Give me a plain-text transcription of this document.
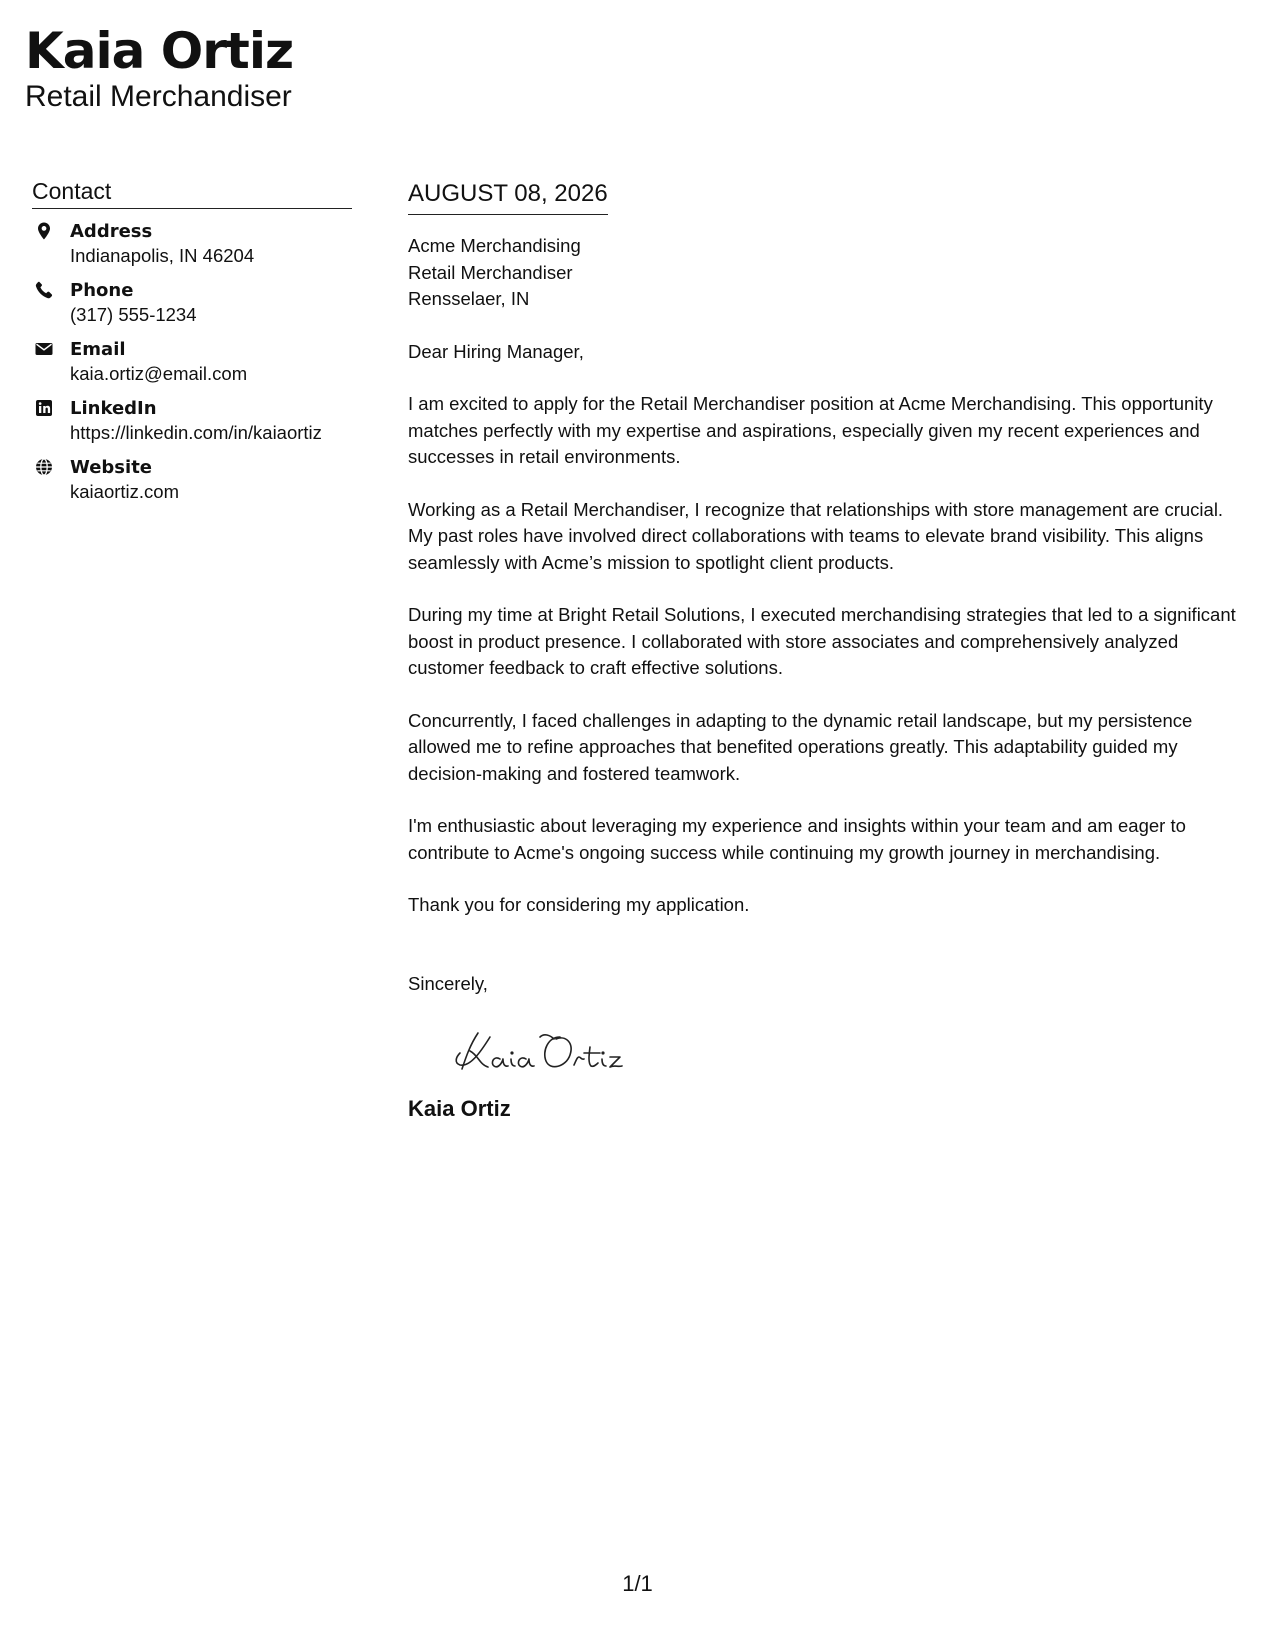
Kaia Ortiz
Retail Merchandiser
Contact
Address
Indianapolis, IN 46204
Phone
(317) 555-1234
Email
kaia.ortiz@email.com
LinkedIn
https://linkedin.com/in/kaiaortiz
Website
kaiaortiz.com
AUGUST 08, 2026
Acme Merchandising
Retail Merchandiser
Rensselaer, IN
Dear Hiring Manager,
I am excited to apply for the Retail Merchandiser position at Acme Merchandising. This opportunity matches perfectly with my expertise and aspirations, especially given my recent experiences and successes in retail environments.
Working as a Retail Merchandiser, I recognize that relationships with store management are crucial. My past roles have involved direct collaborations with teams to elevate brand visibility. This aligns seamlessly with Acme’s mission to spotlight client products.
During my time at Bright Retail Solutions, I executed merchandising strategies that led to a significant boost in product presence. I collaborated with store associates and comprehensively analyzed customer feedback to craft effective solutions.
Concurrently, I faced challenges in adapting to the dynamic retail landscape, but my persistence allowed me to refine approaches that benefited operations greatly. This adaptability guided my decision-making and fostered teamwork.
I'm enthusiastic about leveraging my experience and insights within your team and am eager to contribute to Acme's ongoing success while continuing my growth journey in merchandising.
Thank you for considering my application.
Sincerely,
Kaia Ortiz
1/1
